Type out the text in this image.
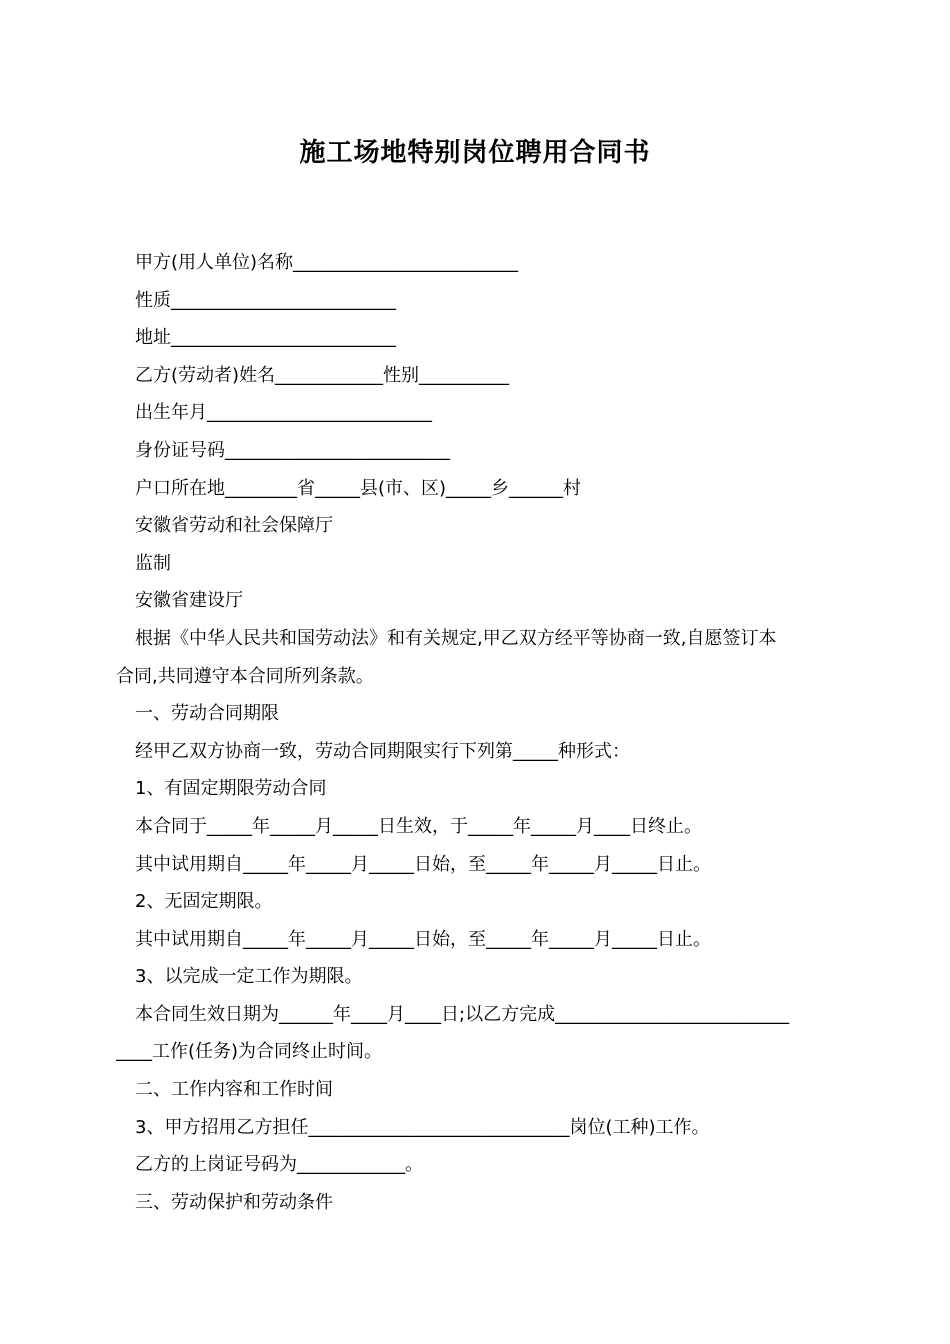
施工场地特别岗位聘用合同书
甲方(用人单位)名称_________________________
性质_________________________
地址_________________________
乙方(劳动者)姓名____________性别__________
出生年月_________________________
身份证号码_________________________
户口所在地________省_____县(市、区)_____乡______村
安徽省劳动和社会保障厅
监制
安徽省建设厅
根据《中华人民共和国劳动法》和有关规定,甲乙双方经平等协商一致,自愿签订本
合同,共同遵守本合同所列条款。
一、劳动合同期限
经甲乙双方协商一致，劳动合同期限实行下列第_____种形式：
1、有固定期限劳动合同
本合同于_____年_____月_____日生效，于_____年_____月____日终止。
其中试用期自_____年_____月_____日始，至_____年_____月_____日止。
2、无固定期限。
其中试用期自_____年_____月_____日始，至_____年_____月_____日止。
3、以完成一定工作为期限。
本合同生效日期为______年____月____日;以乙方完成__________________________
____工作(任务)为合同终止时间。
二、工作内容和工作时间
3、甲方招用乙方担任_____________________________岗位(工种)工作。
乙方的上岗证号码为____________。
三、劳动保护和劳动条件
